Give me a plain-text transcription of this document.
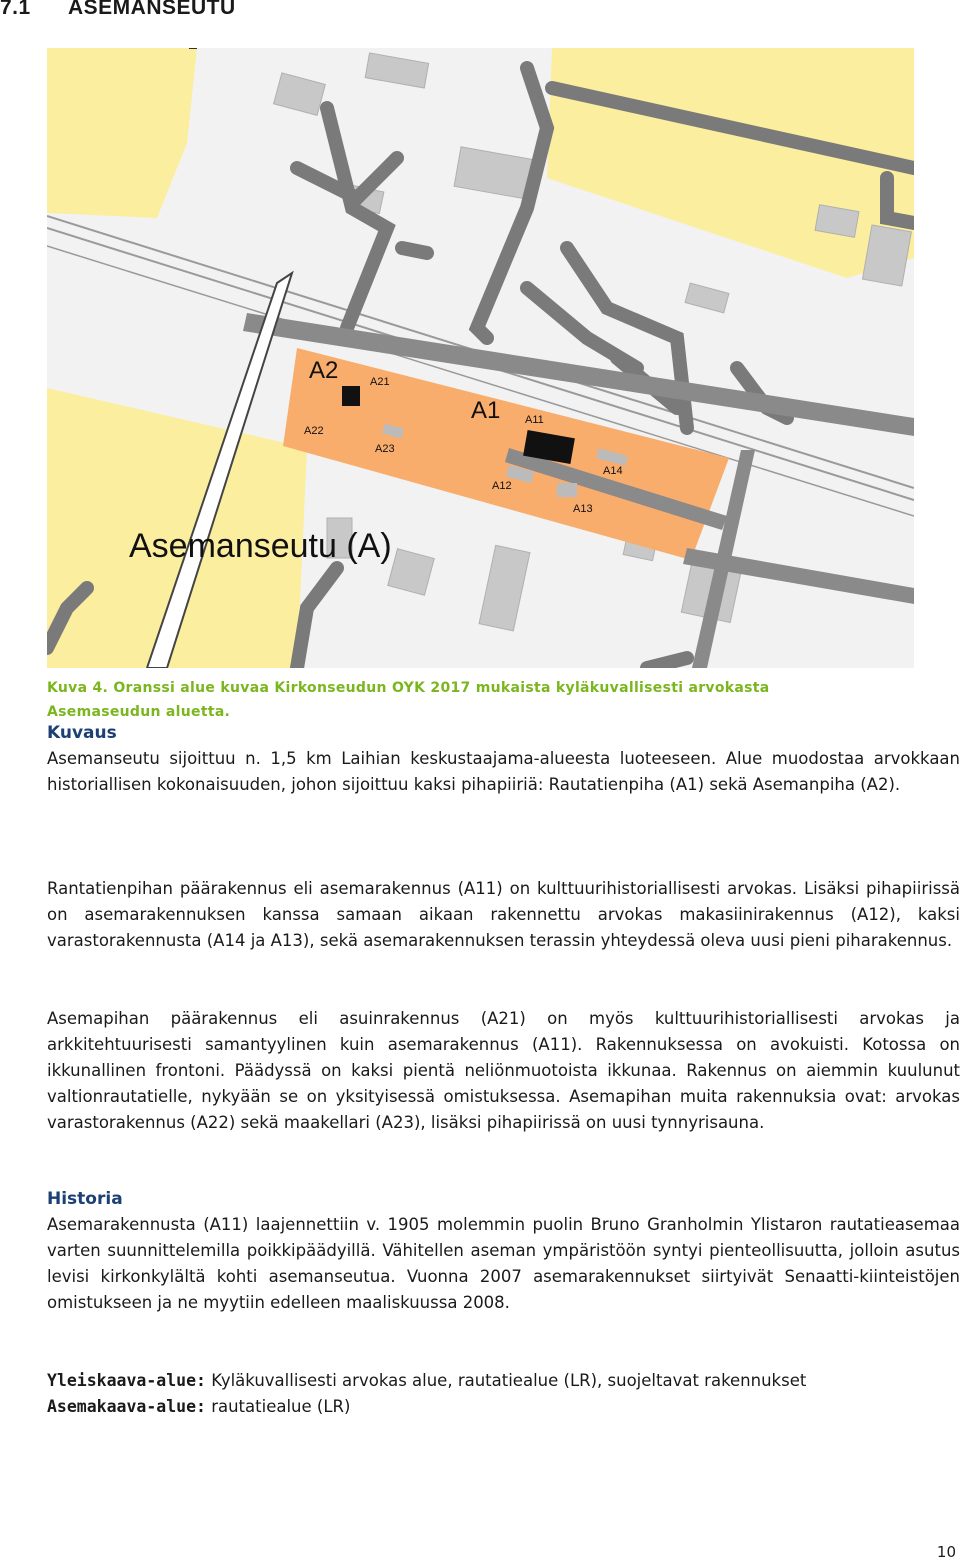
7.1 ASEMANSEUTU
A2	A21
A22
A23
A1 A11
A14
A12
A13
Asemanseutu (A)
Kuva 4. Oranssi alue kuvaa Kirkonseudun OYK 2017 mukaista kyläkuvallisesti arvokasta Asemaseudun aluetta.
Kuvaus
Asemanseutu sijoittuu n. 1,5 km Laihian keskustaajama-alueesta luoteeseen. Alue muodostaa arvokkaan historiallisen kokonaisuuden, johon sijoittuu kaksi pihapiiriä: Rautatienpiha (A1) sekä Asemanpiha (A2).
Rantatienpihan päärakennus eli asemarakennus (A11) on kulttuurihistoriallisesti arvokas. Lisäksi pihapiirissä on asemarakennuksen kanssa samaan aikaan rakennettu arvokas makasiinirakennus (A12), kaksi varastorakennusta (A14 ja A13), sekä asemarakennuksen terassin yhteydessä oleva uusi pieni piharakennus.
Asemapihan päärakennus eli asuinrakennus (A21) on myös kulttuurihistoriallisesti arvokas ja arkkitehtuurisesti samantyylinen kuin asemarakennus (A11). Rakennuksessa on avokuisti. Kotossa on ikkunallinen frontoni. Päädyssä on kaksi pientä neliönmuotoista ikkunaa. Rakennus on aiemmin kuulunut valtionrautatielle, nykyään se on yksityisessä omistuksessa. Asemapihan muita rakennuksia ovat: arvokas varastorakennus (A22) sekä maakellari (A23), lisäksi pihapiirissä on uusi tynnyrisauna.
Historia
Asemarakennusta (A11) laajennettiin v. 1905 molemmin puolin Bruno Granholmin Ylistaron rautatieasemaa varten suunnittelemilla poikkipäädyillä. Vähitellen aseman ympäristöön syntyi pienteollisuutta, jolloin asutus levisi kirkonkylältä kohti asemanseutua. Vuonna 2007 asemarakennukset siirtyivät Senaatti-kiinteistöjen omistukseen ja ne myytiin edelleen maaliskuussa 2008.
Yleiskaava-alue: Kyläkuvallisesti arvokas alue, rautatiealue (LR), suojeltavat rakennukset
Asemakaava-alue: rautatiealue (LR)
10
